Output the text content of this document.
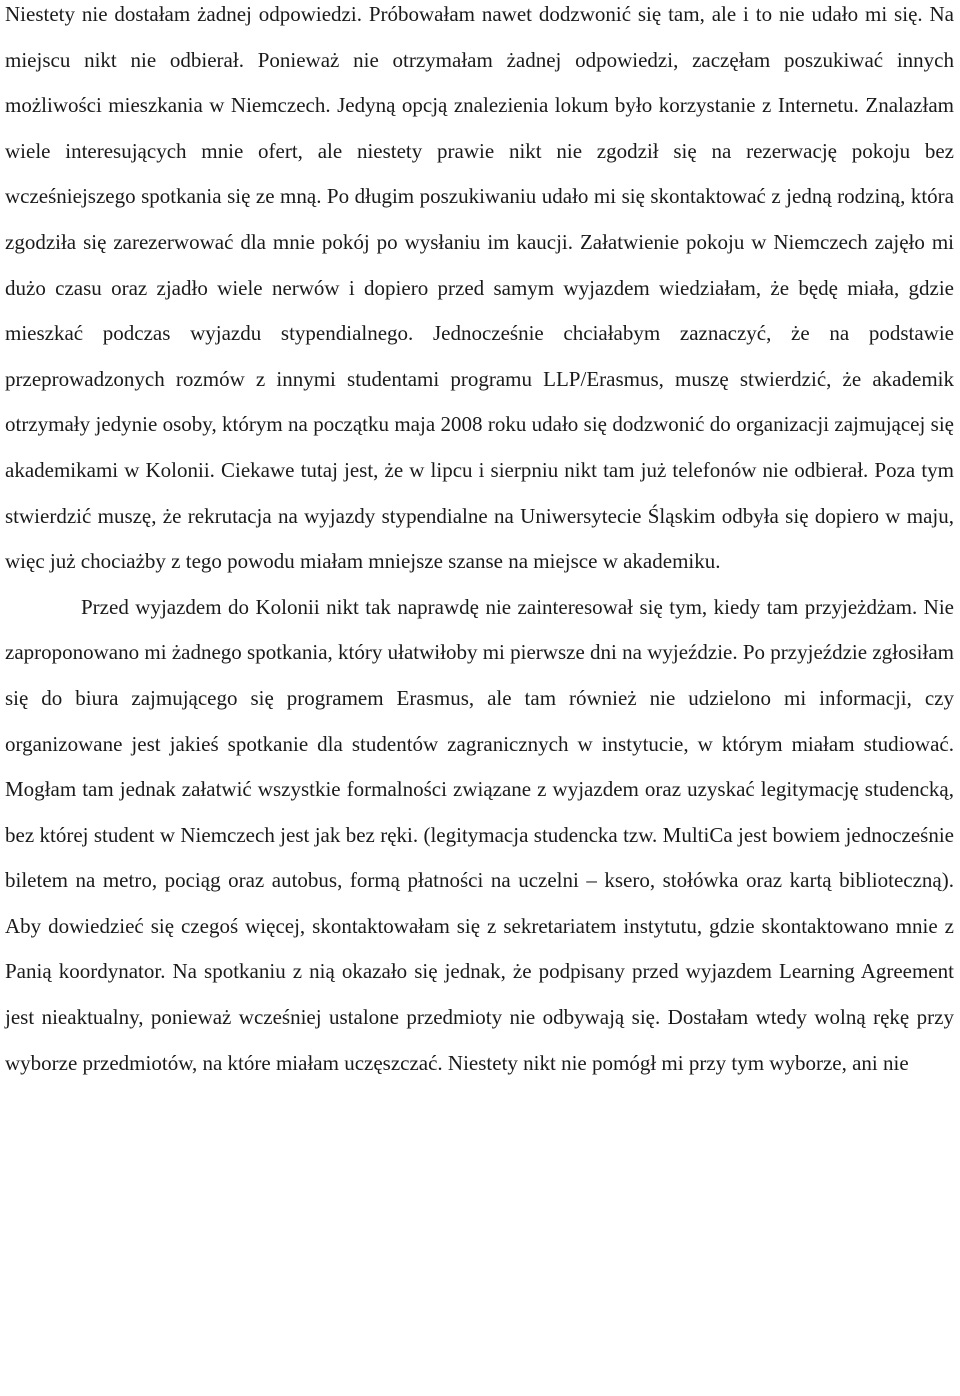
Niestety nie dostałam żadnej odpowiedzi. Próbowałam nawet dodzwonić się tam, ale i to nie udało mi się. Na miejscu nikt nie odbierał. Ponieważ nie otrzymałam żadnej odpowiedzi, zaczęłam poszukiwać innych możliwości mieszkania w Niemczech. Jedyną opcją znalezienia lokum było korzystanie z Internetu. Znalazłam wiele interesujących mnie ofert, ale niestety prawie nikt nie zgodził się na rezerwację pokoju bez wcześniejszego spotkania się ze mną. Po długim poszukiwaniu udało mi się skontaktować z jedną rodziną, która zgodziła się zarezerwować dla mnie pokój po wysłaniu im kaucji. Załatwienie pokoju w Niemczech zajęło mi dużo czasu oraz zjadło wiele nerwów i dopiero przed samym wyjazdem wiedziałam, że będę miała, gdzie mieszkać podczas wyjazdu stypendialnego. Jednocześnie chciałabym zaznaczyć, że na podstawie przeprowadzonych rozmów z innymi studentami programu LLP/Erasmus, muszę stwierdzić, że akademik otrzymały jedynie osoby, którym na początku maja 2008 roku udało się dodzwonić do organizacji zajmującej się akademikami w Kolonii. Ciekawe tutaj jest, że w lipcu i sierpniu nikt tam już telefonów nie odbierał. Poza tym stwierdzić muszę, że rekrutacja na wyjazdy stypendialne na Uniwersytecie Śląskim odbyła się dopiero w maju, więc już chociażby z tego powodu miałam mniejsze szanse na miejsce w akademiku.

Przed wyjazdem do Kolonii nikt tak naprawdę nie zainteresował się tym, kiedy tam przyjeżdżam. Nie zaproponowano mi żadnego spotkania, który ułatwiłoby mi pierwsze dni na wyjeździe. Po przyjeździe zgłosiłam się do biura zajmującego się programem Erasmus, ale tam również nie udzielono mi informacji, czy organizowane jest jakieś spotkanie dla studentów zagranicznych w instytucie, w którym miałam studiować. Mogłam tam jednak załatwić wszystkie formalności związane z wyjazdem oraz uzyskać legitymację studencką, bez której student w Niemczech jest jak bez ręki. (legitymacja studencka tzw. MultiCa jest bowiem jednocześnie biletem na metro, pociąg oraz autobus, formą płatności na uczelni – ksero, stołówka oraz kartą biblioteczną). Aby dowiedzieć się czegoś więcej, skontaktowałam się z sekretariatem instytutu, gdzie skontaktowano mnie z Panią koordynator. Na spotkaniu z nią okazało się jednak, że podpisany przed wyjazdem Learning Agreement jest nieaktualny, ponieważ wcześniej ustalone przedmioty nie odbywają się. Dostałam wtedy wolną rękę przy wyborze przedmiotów, na które miałam uczęszczać. Niestety nikt nie pomógł mi przy tym wyborze, ani nie
